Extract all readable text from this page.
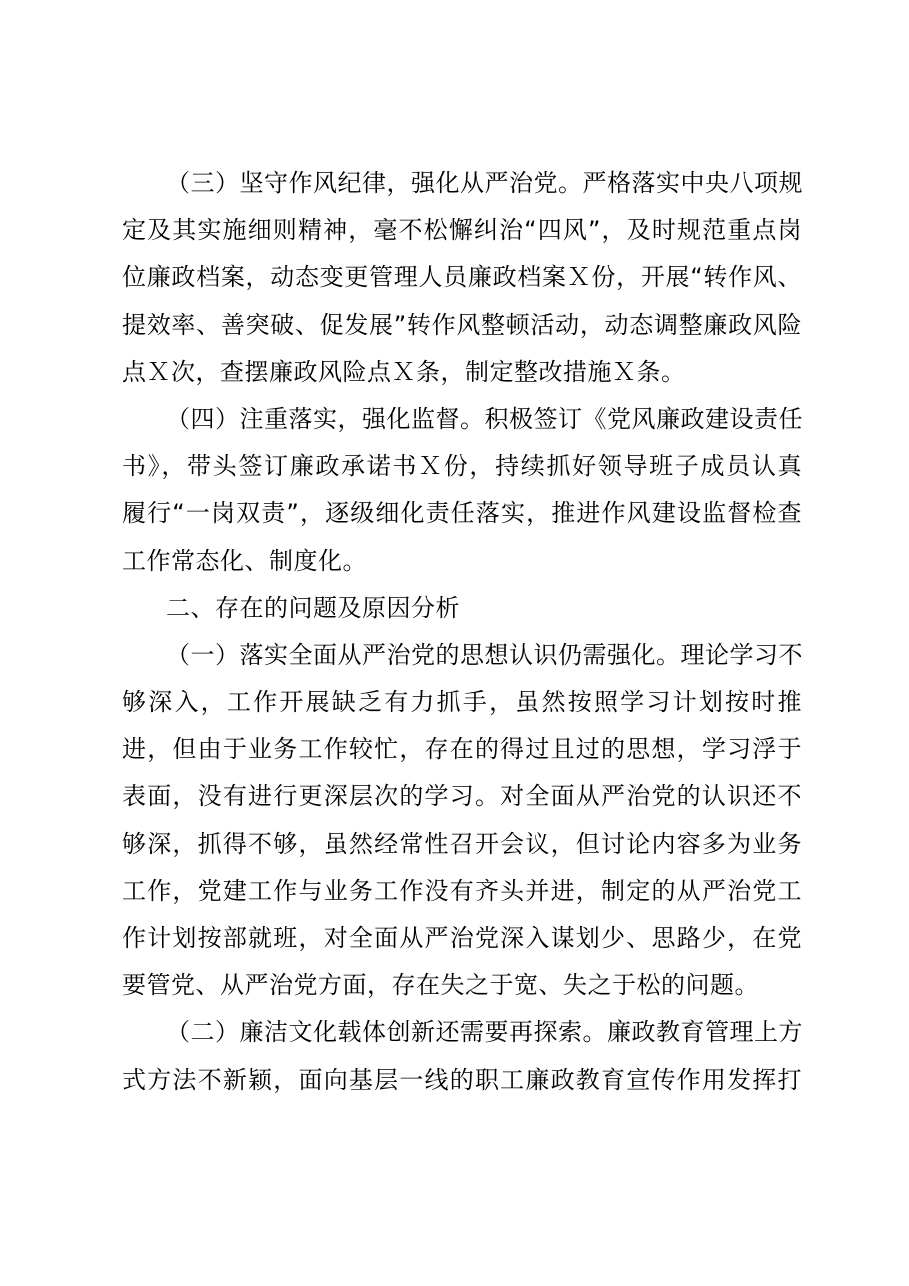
（三）坚守作风纪律，强化从严治党。严格落实中央八项规
定及其实施细则精神，毫不松懈纠治“四风”，及时规范重点岗
位廉政档案，动态变更管理人员廉政档案Ｘ份，开展“转作风、
提效率、善突破、促发展”转作风整顿活动，动态调整廉政风险
点Ｘ次，查摆廉政风险点Ｘ条，制定整改措施Ｘ条。
（四）注重落实，强化监督。积极签订《党风廉政建设责任
书》，带头签订廉政承诺书Ｘ份，持续抓好领导班子成员认真
履行“一岗双责”，逐级细化责任落实，推进作风建设监督检查
工作常态化、制度化。
二、存在的问题及原因分析
（一）落实全面从严治党的思想认识仍需强化。理论学习不
够深入，工作开展缺乏有力抓手，虽然按照学习计划按时推
进，但由于业务工作较忙，存在的得过且过的思想，学习浮于
表面，没有进行更深层次的学习。对全面从严治党的认识还不
够深，抓得不够，虽然经常性召开会议，但讨论内容多为业务
工作，党建工作与业务工作没有齐头并进，制定的从严治党工
作计划按部就班，对全面从严治党深入谋划少、思路少，在党
要管党、从严治党方面，存在失之于宽、失之于松的问题。
（二）廉洁文化载体创新还需要再探索。廉政教育管理上方
式方法不新颖，面向基层一线的职工廉政教育宣传作用发挥打
